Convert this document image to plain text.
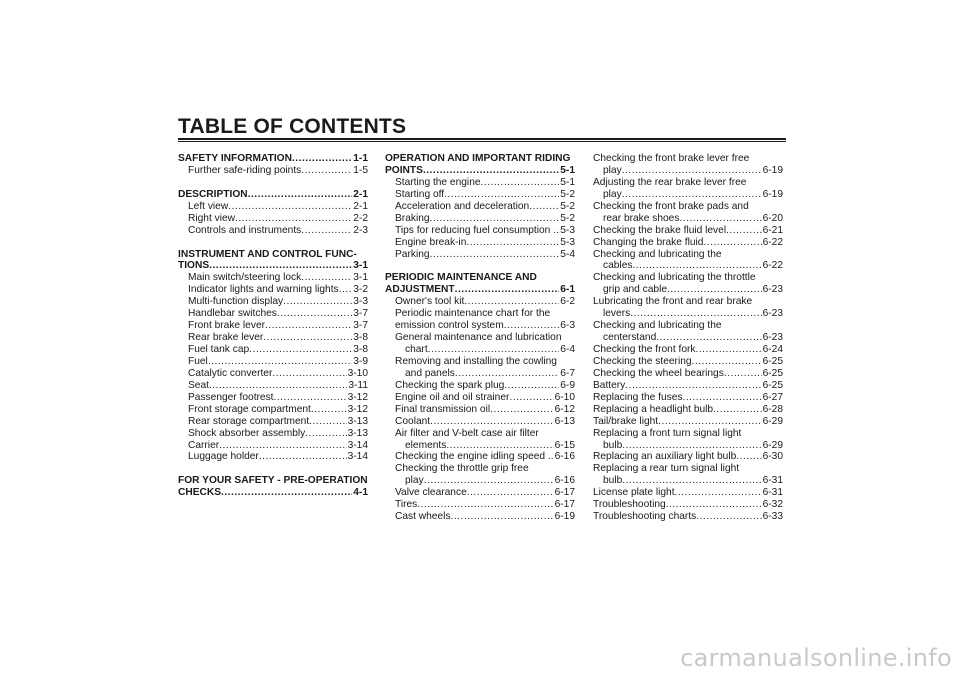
TABLE OF CONTENTS
SAFETY INFORMATION .....	1-1
Further safe-riding points .....	1-5
DESCRIPTION .....	2-1
Left view .....	2-1
Right view .....	2-2
Controls and instruments .....	2-3
INSTRUMENT AND CONTROL FUNC-
TIONS .....	3-1
Main switch/steering lock .....	3-1
Indicator lights and warning lights ..... 3-2
Multi-function display .....	3-3
Handlebar switches .....	3-7
Front brake lever .....	3-7
Rear brake lever .....	3-8
Fuel tank cap .....	3-8
Fuel .....	3-9
Catalytic converter .....	3-10
Seat .....	3-11
Passenger footrest .....	3-12
Front storage compartment .....	3-12
Rear storage compartment .....	3-13
Shock absorber assembly .....	3-13
Carrier .....	3-14
Luggage holder .....	3-14
FOR YOUR SAFETY - PRE-OPERATION
CHECKS .....	4-1
OPERATION AND IMPORTANT RIDING
POINTS .....	5-1
Starting the engine .....	5-1
Starting off .....	5-2
Acceleration and deceleration .....	5-2
Braking .....	5-2
Tips for reducing fuel consumption .. ..... 5-3
Engine break-in .....	5-3
Parking .....	5-4
PERIODIC MAINTENANCE AND
ADJUSTMENT .....	6-1
Owner's tool kit .....	6-2
Periodic maintenance chart for the
emission control system .....	6-3
General maintenance and lubrication
chart .....	6-4
Removing and installing the cowling
and panels .....	6-7
Checking the spark plug .....	6-9
Engine oil and oil strainer .....	6-10
Final transmission oil .....	6-12
Coolant .....	6-13
Air filter and V-belt case air filter
elements .....	6-15
Checking the engine idling speed .. ..... 6-16
Checking the throttle grip free
play .....	6-16
Valve clearance .....	6-17
Tires .....	6-17
Cast wheels .....	6-19
Checking the front brake lever free
play .....	6-19
Adjusting the rear brake lever free
play .....	6-19
Checking the front brake pads and
rear brake shoes .....	6-20
Checking the brake fluid level .....	6-21
Changing the brake fluid .....	6-22
Checking and lubricating the
cables .....	6-22
Checking and lubricating the throttle
grip and cable .....	6-23
Lubricating the front and rear brake
levers .....	6-23
Checking and lubricating the
centerstand .....	6-23
Checking the front fork .....	6-24
Checking the steering .....	6-25
Checking the wheel bearings .....	6-25
Battery .....	6-25
Replacing the fuses .....	6-27
Replacing a headlight bulb .....	6-28
Tail/brake light .....	6-29
Replacing a front turn signal light
bulb .....	6-29
Replacing an auxiliary light bulb .....	6-30
Replacing a rear turn signal light
bulb .....	6-31
License plate light .....	6-31
Troubleshooting .....	6-32
Troubleshooting charts .....	6-33
carmanualsonline.info
